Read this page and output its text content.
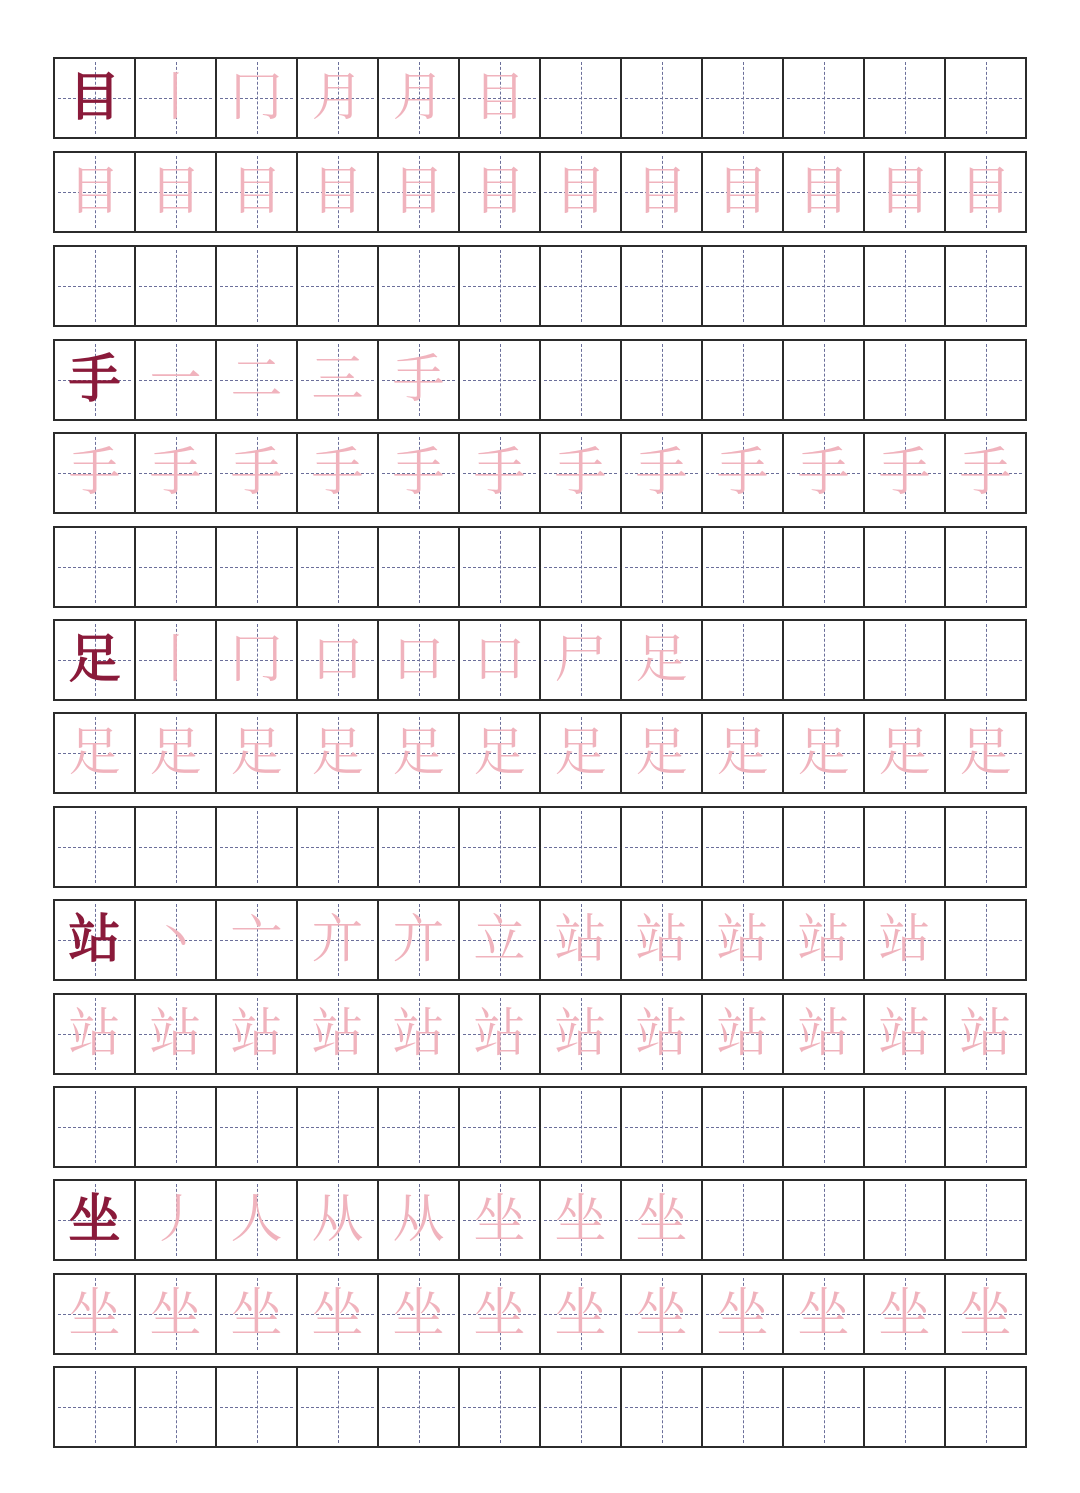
目 丨 冂 月 月 目
目 目 目 目 目 目 目 目 目 目 目 目
手 一 二 三 手
手 手 手 手 手 手 手 手 手 手 手 手
足 丨 冂 口 口 口 尸 足
足 足 足 足 足 足 足 足 足 足 足 足
站 丶 亠 亣 亣 立 站 站 站 站 站
站 站 站 站 站 站 站 站 站 站 站 站
坐 丿 人 从 从 坐 坐 坐
坐 坐 坐 坐 坐 坐 坐 坐 坐 坐 坐 坐
